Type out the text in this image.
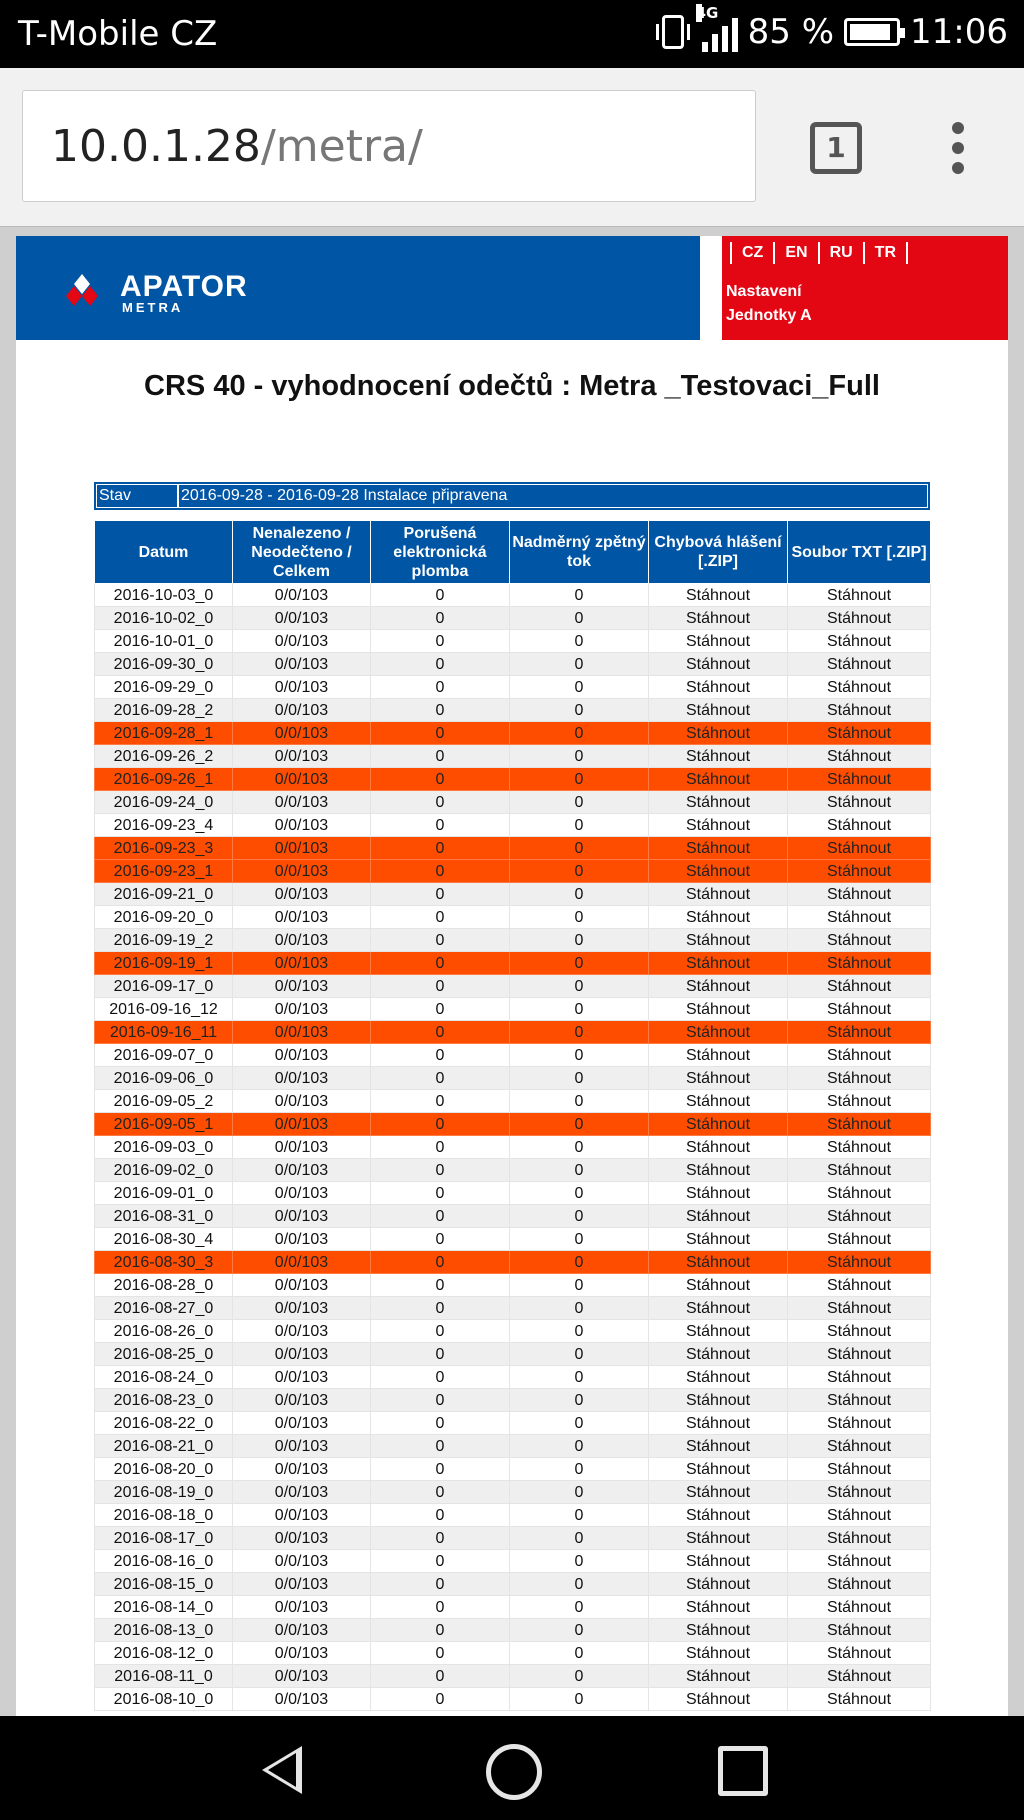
T-Mobile CZ
4G 85 % 11:06
10.0.1.28/metra/	1
APATOR
METRA
CZ	EN	RU	TR
Nastavení
Jednotky A
CRS 40 - vyhodnocení odečtů : Metra _Testovaci_Full
Stav	2016-09-28 - 2016-09-28 Instalace připravena
Datum	Nenalezeno / Neodečteno / Celkem	Porušená elektronická plomba	Nadměrný zpětný tok	Chybová hlášení [.ZIP]	Soubor TXT [.ZIP]
2016-10-03_0	0/0/103	0	0	Stáhnout	Stáhnout
2016-10-02_0	0/0/103	0	0	Stáhnout	Stáhnout
2016-10-01_0	0/0/103	0	0	Stáhnout	Stáhnout
2016-09-30_0	0/0/103	0	0	Stáhnout	Stáhnout
2016-09-29_0	0/0/103	0	0	Stáhnout	Stáhnout
2016-09-28_2	0/0/103	0	0	Stáhnout	Stáhnout
2016-09-28_1	0/0/103	0	0	Stáhnout	Stáhnout
2016-09-26_2	0/0/103	0	0	Stáhnout	Stáhnout
2016-09-26_1	0/0/103	0	0	Stáhnout	Stáhnout
2016-09-24_0	0/0/103	0	0	Stáhnout	Stáhnout
2016-09-23_4	0/0/103	0	0	Stáhnout	Stáhnout
2016-09-23_3	0/0/103	0	0	Stáhnout	Stáhnout
2016-09-23_1	0/0/103	0	0	Stáhnout	Stáhnout
2016-09-21_0	0/0/103	0	0	Stáhnout	Stáhnout
2016-09-20_0	0/0/103	0	0	Stáhnout	Stáhnout
2016-09-19_2	0/0/103	0	0	Stáhnout	Stáhnout
2016-09-19_1	0/0/103	0	0	Stáhnout	Stáhnout
2016-09-17_0	0/0/103	0	0	Stáhnout	Stáhnout
2016-09-16_12	0/0/103	0	0	Stáhnout	Stáhnout
2016-09-16_11	0/0/103	0	0	Stáhnout	Stáhnout
2016-09-07_0	0/0/103	0	0	Stáhnout	Stáhnout
2016-09-06_0	0/0/103	0	0	Stáhnout	Stáhnout
2016-09-05_2	0/0/103	0	0	Stáhnout	Stáhnout
2016-09-05_1	0/0/103	0	0	Stáhnout	Stáhnout
2016-09-03_0	0/0/103	0	0	Stáhnout	Stáhnout
2016-09-02_0	0/0/103	0	0	Stáhnout	Stáhnout
2016-09-01_0	0/0/103	0	0	Stáhnout	Stáhnout
2016-08-31_0	0/0/103	0	0	Stáhnout	Stáhnout
2016-08-30_4	0/0/103	0	0	Stáhnout	Stáhnout
2016-08-30_3	0/0/103	0	0	Stáhnout	Stáhnout
2016-08-28_0	0/0/103	0	0	Stáhnout	Stáhnout
2016-08-27_0	0/0/103	0	0	Stáhnout	Stáhnout
2016-08-26_0	0/0/103	0	0	Stáhnout	Stáhnout
2016-08-25_0	0/0/103	0	0	Stáhnout	Stáhnout
2016-08-24_0	0/0/103	0	0	Stáhnout	Stáhnout
2016-08-23_0	0/0/103	0	0	Stáhnout	Stáhnout
2016-08-22_0	0/0/103	0	0	Stáhnout	Stáhnout
2016-08-21_0	0/0/103	0	0	Stáhnout	Stáhnout
2016-08-20_0	0/0/103	0	0	Stáhnout	Stáhnout
2016-08-19_0	0/0/103	0	0	Stáhnout	Stáhnout
2016-08-18_0	0/0/103	0	0	Stáhnout	Stáhnout
2016-08-17_0	0/0/103	0	0	Stáhnout	Stáhnout
2016-08-16_0	0/0/103	0	0	Stáhnout	Stáhnout
2016-08-15_0	0/0/103	0	0	Stáhnout	Stáhnout
2016-08-14_0	0/0/103	0	0	Stáhnout	Stáhnout
2016-08-13_0	0/0/103	0	0	Stáhnout	Stáhnout
2016-08-12_0	0/0/103	0	0	Stáhnout	Stáhnout
2016-08-11_0	0/0/103	0	0	Stáhnout	Stáhnout
2016-08-10_0	0/0/103	0	0	Stáhnout	Stáhnout
